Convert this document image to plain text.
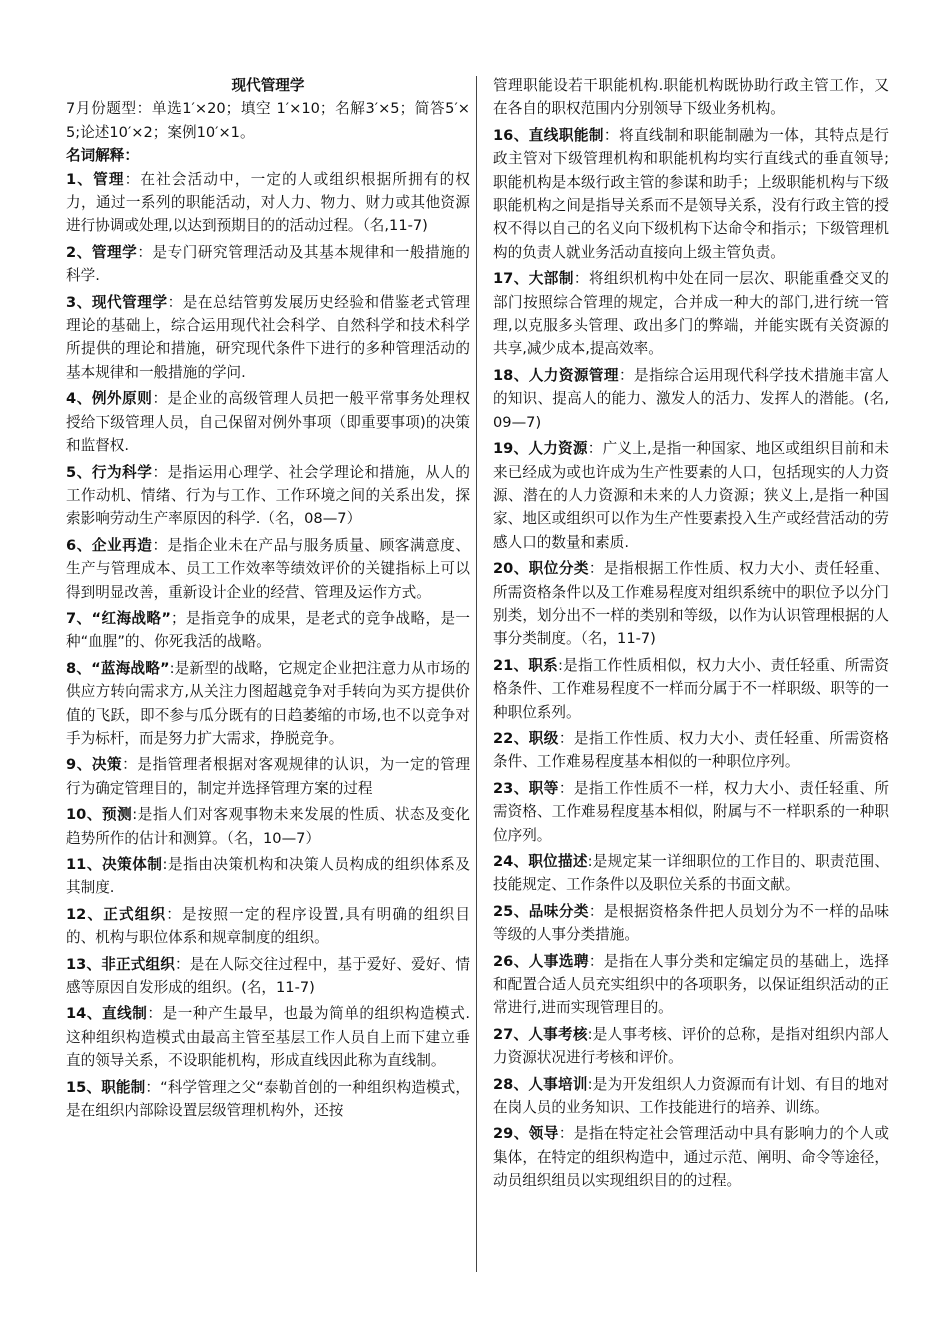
现代管理学
7月份题型：单选1′×20；填空 1′×10；名解3′×5；简答5′×5;论述10′×2；案例10′×1。
名词解释：
1、管理：在社会活动中，一定的人或组织根据所拥有的权力，通过一系列的职能活动，对人力、物力、财力或其他资源进行协调或处理,以达到预期目的的活动过程。（名,11-7)
2、管理学：是专门研究管理活动及其基本规律和一般措施的科学.
3、现代管理学：是在总结管剪发展历史经验和借鉴老式管理理论的基础上，综合运用现代社会科学、自然科学和技术科学所提供的理论和措施，研究现代条件下进行的多种管理活动的基本规律和一般措施的学问.
4、例外原则：是企业的高级管理人员把一般平常事务处理权授给下级管理人员，自己保留对例外事项（即重要事项)的决策和监督权.
5、行为科学：是指运用心理学、社会学理论和措施，从人的工作动机、情绪、行为与工作、工作环境之间的关系出发，探索影响劳动生产率原因的科学.（名，08—7）
6、企业再造：是指企业未在产品与服务质量、顾客满意度、生产与管理成本、员工工作效率等绩效评价的关键指标上可以得到明显改善，重新设计企业的经营、管理及运作方式。
7、“红海战略”；是指竞争的成果，是老式的竞争战略，是一种“血腥”的、你死我活的战略。
8、“蓝海战略”:是新型的战略，它规定企业把注意力从市场的供应方转向需求方,从关注力图超越竞争对手转向为买方提供价值的飞跃，即不参与瓜分既有的日趋萎缩的市场,也不以竞争对手为标杆，而是努力扩大需求，挣脱竞争。
9、决策：是指管理者根据对客观规律的认识，为一定的管理行为确定管理目的，制定并选择管理方案的过程
10、预测:是指人们对客观事物未来发展的性质、状态及变化趋势所作的估计和测算。（名，10—7）
11、决策体制:是指由决策机构和决策人员构成的组织体系及其制度.
12、正式组织：是按照一定的程序设置,具有明确的组织目的、机构与职位体系和规章制度的组织。
13、非正式组织：是在人际交往过程中，基于爱好、爱好、情感等原因自发形成的组织。(名，11-7)
14、直线制：是一种产生最早，也最为简单的组织构造模式.这种组织构造模式由最高主管至基层工作人员自上而下建立垂直的领导关系，不设职能机构，形成直线因此称为直线制。
15、职能制：“科学管理之父“泰勒首创的一种组织构造模式，是在组织内部除设置层级管理机构外，还按
管理职能设若干职能机构.职能机构既协助行政主管工作，又在各自的职权范围内分别领导下级业务机构。
16、直线职能制：将直线制和职能制融为一体，其特点是行政主管对下级管理机构和职能机构均实行直线式的垂直领导;职能机构是本级行政主管的参谋和助手；上级职能机构与下级职能机构之间是指导关系而不是领导关系，没有行政主管的授权不得以自己的名义向下级机构下达命令和指示；下级管理机构的负责人就业务活动直接向上级主管负责。
17、大部制：将组织机构中处在同一层次、职能重叠交叉的部门按照综合管理的规定，合并成一种大的部门,进行统一管理,以克服多头管理、政出多门的弊端，并能实既有关资源的共享,减少成本,提高效率。
18、人力资源管理：是指综合运用现代科学技术措施丰富人的知识、提高人的能力、激发人的活力、发挥人的潜能。(名,09—7)
19、人力资源：广义上,是指一种国家、地区或组织目前和未来已经成为或也许成为生产性要素的人口，包括现实的人力资源、潜在的人力资源和未来的人力资源；狭义上,是指一种国家、地区或组织可以作为生产性要素投入生产或经营活动的劳感人口的数量和素质.
20、职位分类：是指根据工作性质、权力大小、责任轻重、所需资格条件以及工作难易程度对组织系统中的职位予以分门别类，划分出不一样的类别和等级，以作为认识管理根据的人事分类制度。（名，11-7)
21、职系:是指工作性质相似，权力大小、责任轻重、所需资格条件、工作难易程度不一样而分属于不一样职级、职等的一种职位系列。
22、职级：是指工作性质、权力大小、责任轻重、所需资格条件、工作难易程度基本相似的一种职位序列。
23、职等：是指工作性质不一样，权力大小、责任轻重、所需资格、工作难易程度基本相似，附属与不一样职系的一种职位序列。
24、职位描述:是规定某一详细职位的工作目的、职责范围、技能规定、工作条件以及职位关系的书面文献。
25、品味分类：是根据资格条件把人员划分为不一样的品味等级的人事分类措施。
26、人事选聘：是指在人事分类和定编定员的基础上，选择和配置合适人员充实组织中的各项职务，以保证组织活动的正常进行,进而实现管理目的。
27、人事考核:是人事考核、评价的总称，是指对组织内部人力资源状况进行考核和评价。
28、人事培训:是为开发组织人力资源而有计划、有目的地对在岗人员的业务知识、工作技能进行的培养、训练。
29、领导：是指在特定社会管理活动中具有影响力的个人或集体，在特定的组织构造中，通过示范、阐明、命令等途径，动员组织组员以实现组织目的的过程。
